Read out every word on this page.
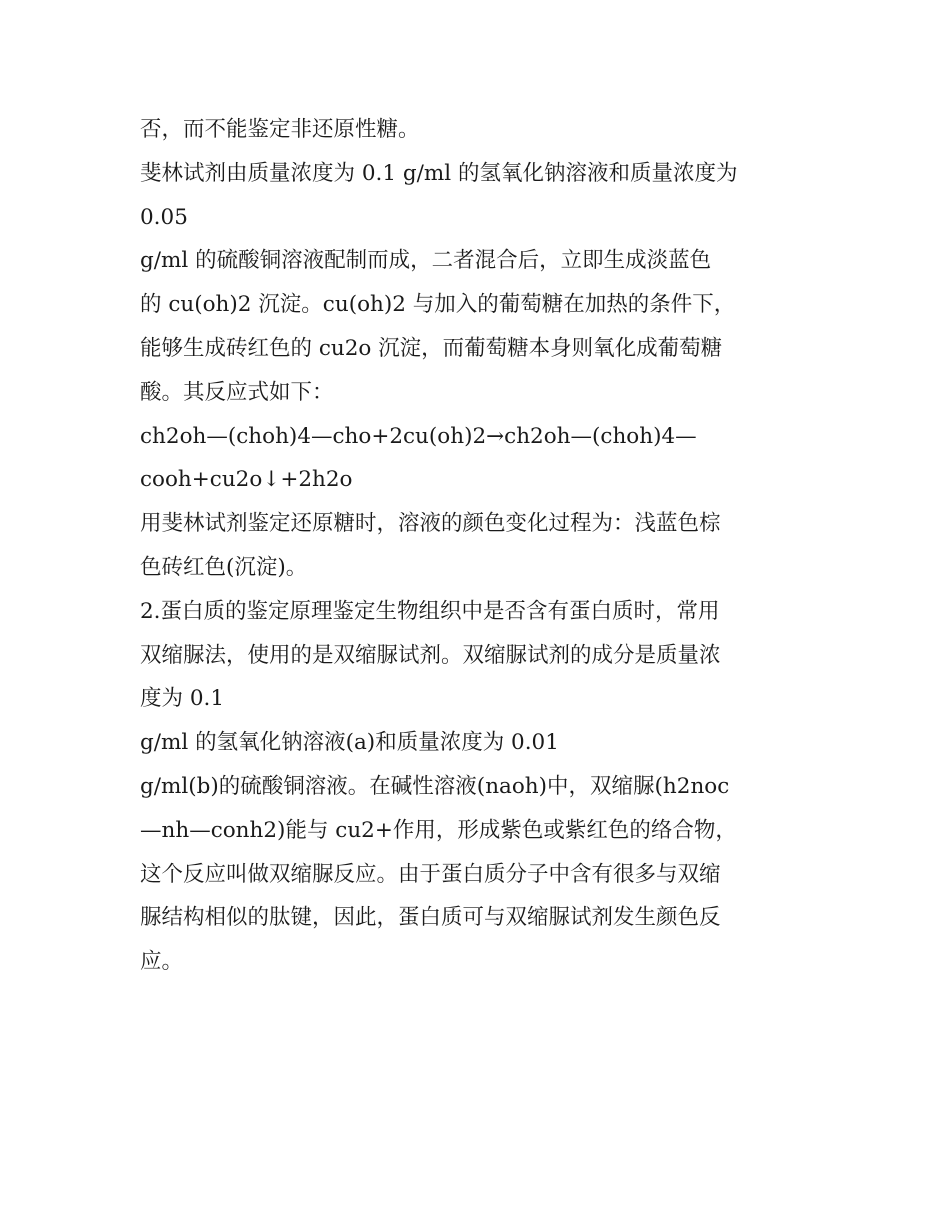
否，而不能鉴定非还原性糖。
斐林试剂由质量浓度为 0.1 g/ml 的氢氧化钠溶液和质量浓度为
0.05
g/ml 的硫酸铜溶液配制而成，二者混合后，立即生成淡蓝色
的 cu(oh)2 沉淀。cu(oh)2 与加入的葡萄糖在加热的条件下，
能够生成砖红色的 cu2o 沉淀，而葡萄糖本身则氧化成葡萄糖
酸。其反应式如下：
ch2oh—(choh)4—cho+2cu(oh)2→ch2oh—(choh)4—
cooh+cu2o↓+2h2o
用斐林试剂鉴定还原糖时，溶液的颜色变化过程为：浅蓝色棕
色砖红色(沉淀)。
2.蛋白质的鉴定原理鉴定生物组织中是否含有蛋白质时，常用
双缩脲法，使用的是双缩脲试剂。双缩脲试剂的成分是质量浓
度为 0.1
g/ml 的氢氧化钠溶液(a)和质量浓度为 0.01
g/ml(b)的硫酸铜溶液。在碱性溶液(naoh)中，双缩脲(h2noc
—nh—conh2)能与 cu2+作用，形成紫色或紫红色的络合物，
这个反应叫做双缩脲反应。由于蛋白质分子中含有很多与双缩
脲结构相似的肽键，因此，蛋白质可与双缩脲试剂发生颜色反
应。
